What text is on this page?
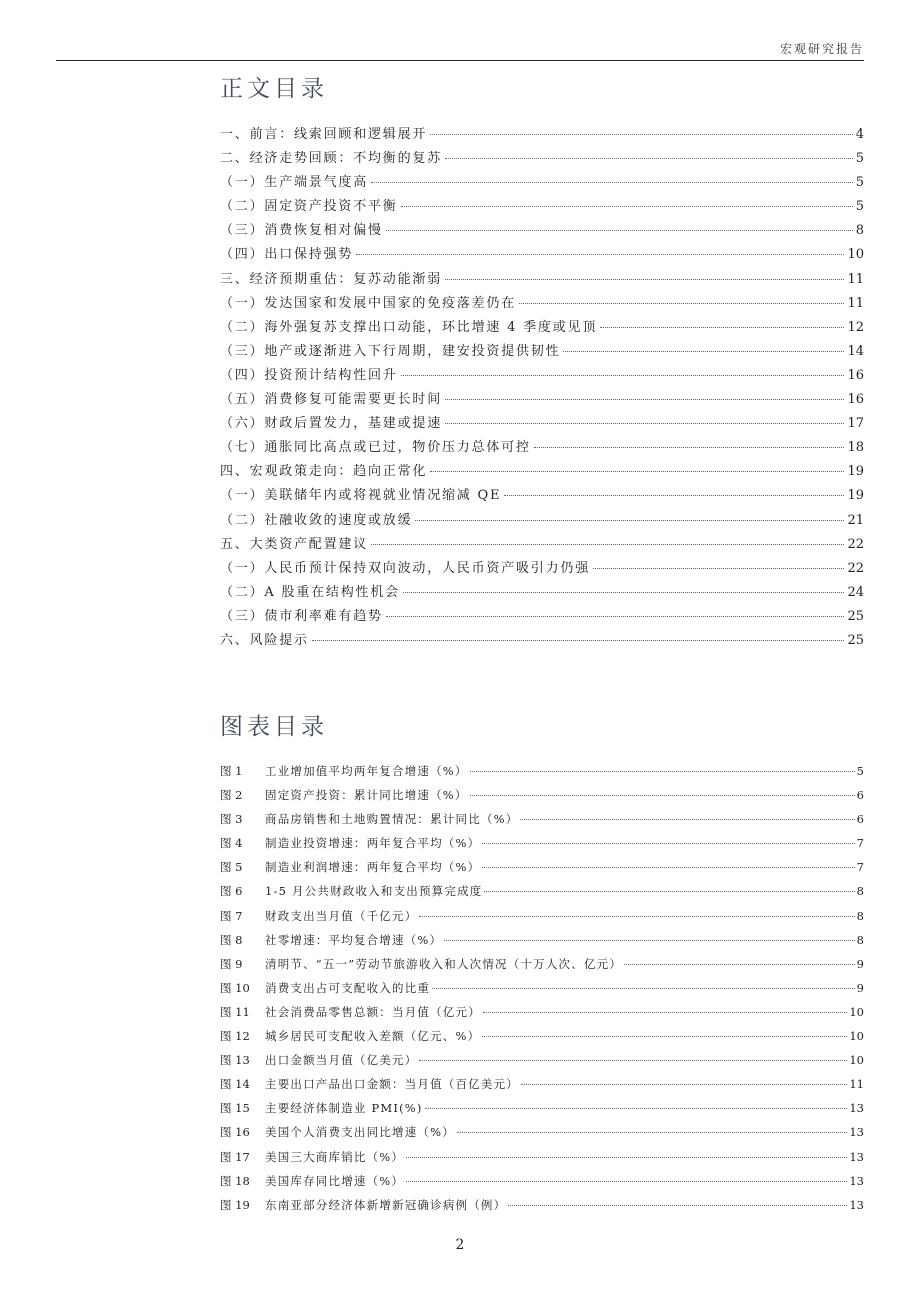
宏观研究报告
正文目录
一、前言：线索回顾和逻辑展开	4
二、经济走势回顾：不均衡的复苏	5
（一）生产端景气度高	5
（二）固定资产投资不平衡	5
（三）消费恢复相对偏慢	8
（四）出口保持强势	10
三、经济预期重估：复苏动能渐弱	11
（一）发达国家和发展中国家的免疫落差仍在	11
（二）海外强复苏支撑出口动能，环比增速 4 季度或见顶	12
（三）地产或逐渐进入下行周期，建安投资提供韧性	14
（四）投资预计结构性回升	16
（五）消费修复可能需要更长时间	16
（六）财政后置发力，基建或提速	17
（七）通胀同比高点或已过，物价压力总体可控	18
四、宏观政策走向：趋向正常化	19
（一）美联储年内或将视就业情况缩减 QE	19
（二）社融收敛的速度或放缓	21
五、大类资产配置建议	22
（一）人民币预计保持双向波动，人民币资产吸引力仍强	22
（二）A 股重在结构性机会	24
（三）债市利率难有趋势	25
六、风险提示	25
图表目录
图 1	工业增加值平均两年复合增速（%）	5
图 2	固定资产投资：累计同比增速（%）	6
图 3	商品房销售和土地购置情况：累计同比（%）	6
图 4	制造业投资增速：两年复合平均（%）	7
图 5	制造业利润增速：两年复合平均（%）	7
图 6	1-5 月公共财政收入和支出预算完成度	8
图 7	财政支出当月值（千亿元）	8
图 8	社零增速：平均复合增速（%）	8
图 9	清明节、“五一”劳动节旅游收入和人次情况（十万人次、亿元）	9
图 10	消费支出占可支配收入的比重	9
图 11	社会消费品零售总额：当月值（亿元）	10
图 12	城乡居民可支配收入差额（亿元、%）	10
图 13	出口金额当月值（亿美元）	10
图 14	主要出口产品出口金额：当月值（百亿美元）	11
图 15	主要经济体制造业 PMI(%)	13
图 16	美国个人消费支出同比增速（%）	13
图 17	美国三大商库销比（%）	13
图 18	美国库存同比增速（%）	13
图 19	东南亚部分经济体新增新冠确诊病例（例）	13
2
